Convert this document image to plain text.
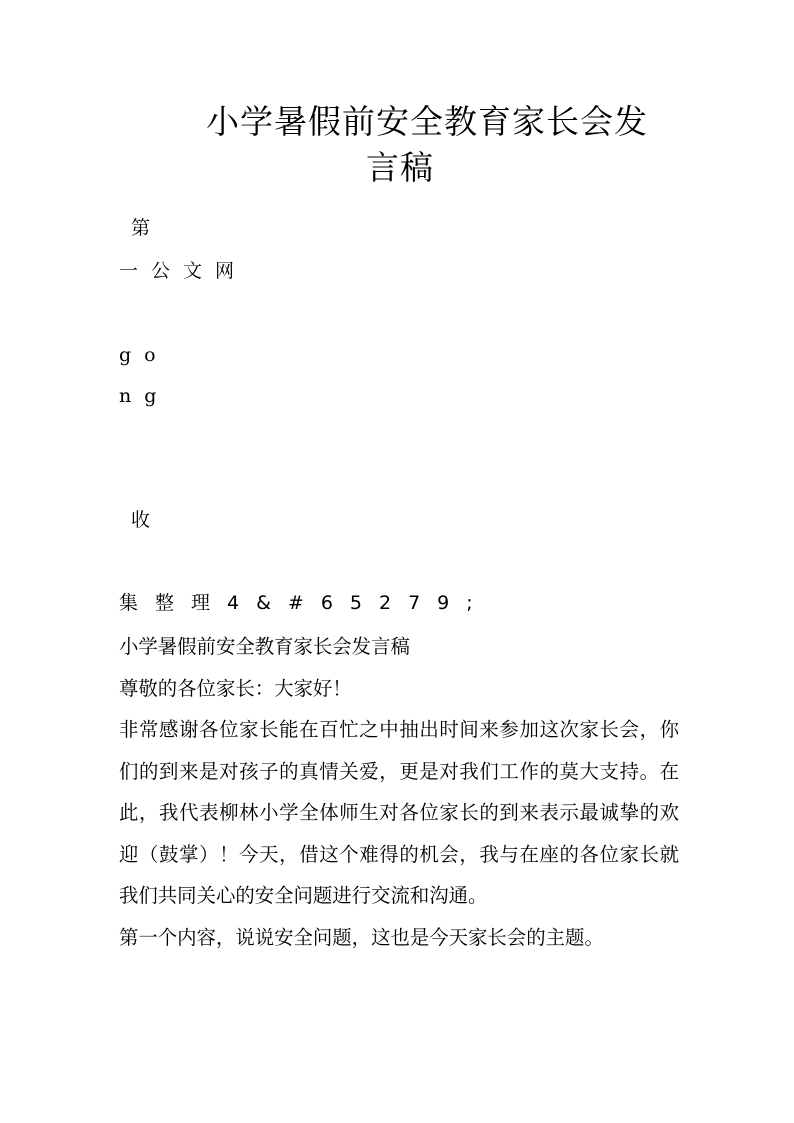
小学暑假前安全教育家长会发
言稿
第
一公文网
go
ng
收
集整理4&#65279;

小学暑假前安全教育家长会发言稿

尊敬的各位家长：大家好！

非常感谢各位家长能在百忙之中抽出时间来参加这次家长会，你们的到来是对孩子的真情关爱，更是对我们工作的莫大支持。在此，我代表柳林小学全体师生对各位家长的到来表示最诚挚的欢迎（鼓掌）！今天，借这个难得的机会，我与在座的各位家长就我们共同关心的安全问题进行交流和沟通。

第一个内容，说说安全问题，这也是今天家长会的主题。
